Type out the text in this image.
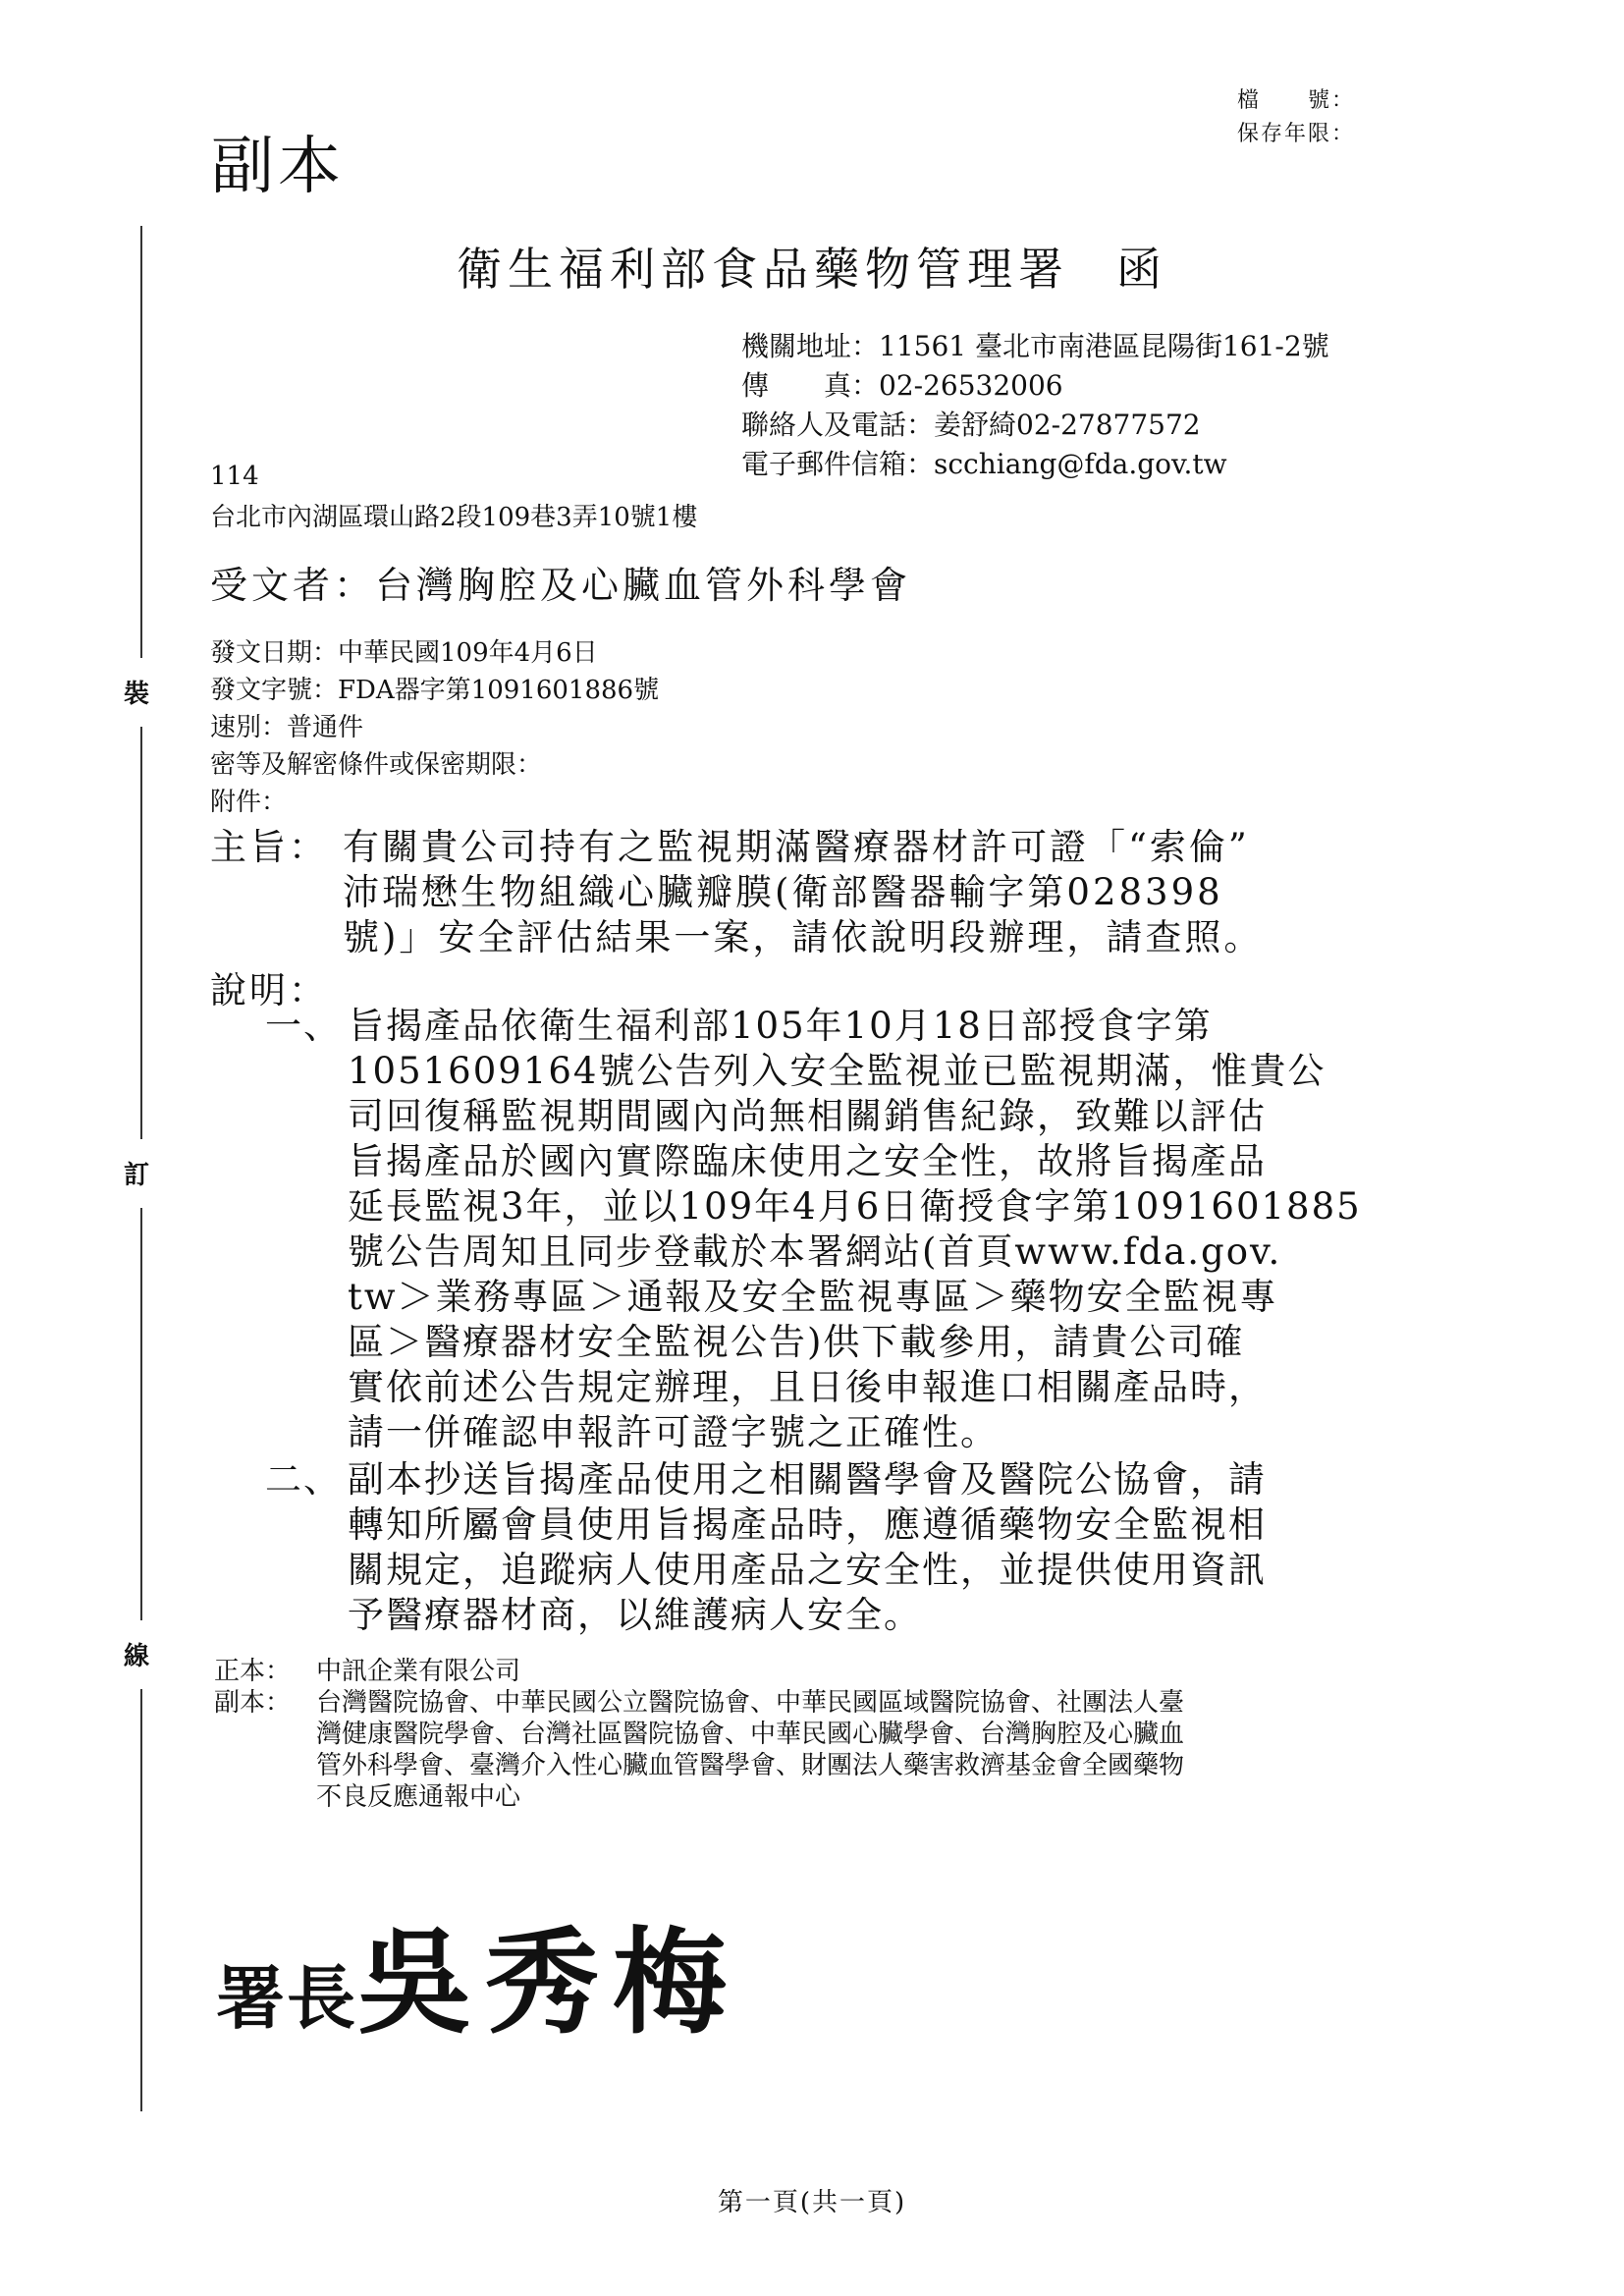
裝
訂
線
副本
檔　　號：
保存年限：
衛生福利部食品藥物管理署 函
機關地址：11561 臺北市南港區昆陽街161-2號
傳　　真：02-26532006
聯絡人及電話：姜舒綺02-27877572
電子郵件信箱：scchiang@fda.gov.tw
114
台北市內湖區環山路2段109巷3弄10號1樓
受文者：台灣胸腔及心臟血管外科學會
發文日期：中華民國109年4月6日
發文字號：FDA器字第1091601886號
速別：普通件
密等及解密條件或保密期限：
附件：
主旨： 有關貴公司持有之監視期滿醫療器材許可證「“索倫”
沛瑞懋生物組織心臟瓣膜(衛部醫器輸字第028398
號)」安全評估結果一案，請依說明段辦理，請查照。
說明：
一、 旨揭產品依衛生福利部105年10月18日部授食字第
1051609164號公告列入安全監視並已監視期滿，惟貴公
司回復稱監視期間國內尚無相關銷售紀錄，致難以評估
旨揭產品於國內實際臨床使用之安全性，故將旨揭產品
延長監視3年，並以109年4月6日衛授食字第1091601885
號公告周知且同步登載於本署網站(首頁www.fda.gov.
tw＞業務專區＞通報及安全監視專區＞藥物安全監視專
區＞醫療器材安全監視公告)供下載參用，請貴公司確
實依前述公告規定辦理，且日後申報進口相關產品時，
請一併確認申報許可證字號之正確性。
二、 副本抄送旨揭產品使用之相關醫學會及醫院公協會，請
轉知所屬會員使用旨揭產品時，應遵循藥物安全監視相
關規定，追蹤病人使用產品之安全性，並提供使用資訊
予醫療器材商，以維護病人安全。
正本： 中訊企業有限公司
副本： 台灣醫院協會、中華民國公立醫院協會、中華民國區域醫院協會、社團法人臺
灣健康醫院學會、台灣社區醫院協會、中華民國心臟學會、台灣胸腔及心臟血
管外科學會、臺灣介入性心臟血管醫學會、財團法人藥害救濟基金會全國藥物
不良反應通報中心
署長吳秀梅
第一頁(共一頁)
